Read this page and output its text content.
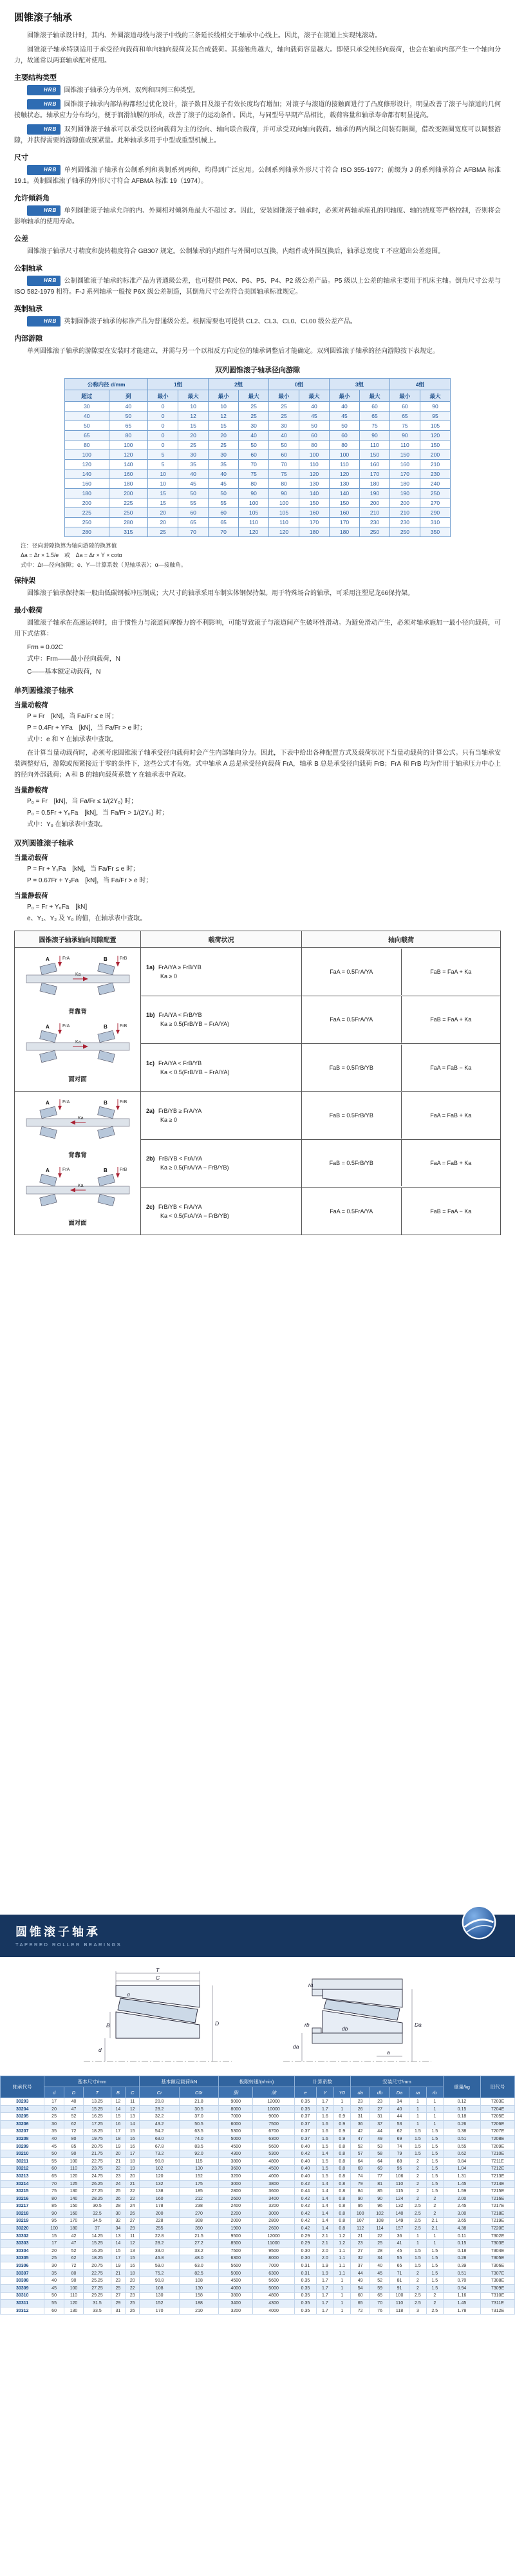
圆锥滚子轴承

圆锥滚子轴承设计时，其内、外圈滚道母线与滚子中线的三条延长线相交于轴承中心线上。因此，滚子在滚道上实现纯滚动。

圆锥滚子轴承特别适用于承受径向载荷和单向轴向载荷及其合成载荷。其接触角越大，轴向载荷容量越大。即使只承受纯径向载荷，也会在轴承内部产生一个轴向分力，故通常以两套轴承配对使用。

主要结构类型

HRB 圆锥滚子轴承分为单列、双列和四列三种类型。

HRB 圆锥滚子轴承内部结构都经过优化设计，滚子数目及滚子有效长度均有增加；对滚子与滚道的接触面进行了凸度修形设计，明显改善了滚子与滚道的几何接触状态。轴承应力分布均匀，便于润滑油膜的形成，改善了滚子的运动条件。因此，与同型号早期产品相比，载荷容量和轴承寿命都有明显提高。

HRB 双列圆锥滚子轴承可以承受以径向载荷为主的径向、轴向联合载荷，并可承受双向轴向载荷。轴承的两内圈之间装有隔圈，借改变隔圈宽度可以调整游隙，并获得需要的游隙值或预紧量。此种轴承多用于中型或重型机械上。

尺寸

HRB 单列圆锥滚子轴承有公制系列和英制系列两种，均得到广泛应用。公制系列轴承外形尺寸符合 ISO 355-1977；前缀为 J 的系列轴承符合 AFBMA 标准 19.1。英制圆锥滚子轴承的外形尺寸符合 AFBMA 标准 19（1974）。

允许倾斜角

HRB 单列圆锥滚子轴承允许的内、外圈相对倾斜角最大不超过 3′。因此，安装圆锥滚子轴承时，必须对两轴承座孔的同轴度、轴的挠度等严格控制，否则将会影响轴承的使用寿命。

公差

圆锥滚子轴承尺寸精度和旋转精度符合 GB307 规定。公制轴承的内组件与外圈可以互换，内组件或外圈互换后，轴承总宽度 T 不应超出公差范围。

公制轴承

HRB 公制圆锥滚子轴承的标准产品为普通级公差，也可提供 P6X、P6、P5、P4、P2 级公差产品。P5 级以上公差的轴承主要用于机床主轴。倒角尺寸公差与 ISO 582-1979 相符。F-J 系列轴承一般按 P6X 级公差制造，其倒角尺寸公差符合美国轴承标准规定。

英制轴承

HRB 英制圆锥滚子轴承的标准产品为普通级公差。根据需要也可提供 CL2、CL3、CL0、CL00 级公差产品。

内部游隙

单列圆锥滚子轴承的游隙要在安装时才能建立，并需与另一个以相反方向定位的轴承调整后才能确定。双列圆锥滚子轴承的径向游隙按下表规定。

双列圆锥滚子轴承径向游隙
公称内径 d/mm		1组		2组		0组		3组		4组	
超过	到	最小	最大	最小	最大	最小	最大	最小	最大	最小	最大
30	40	0	10	10	25	25	40	40	60	60	90
40	50	0	12	12	25	25	45	45	65	65	95
50	65	0	15	15	30	30	50	50	75	75	105
65	80	0	20	20	40	40	60	60	90	90	120
80	100	0	25	25	50	50	80	80	110	110	150
100	120	5	30	30	60	60	100	100	150	150	200
120	140	5	35	35	70	70	110	110	160	160	210
140	160	10	40	40	75	75	120	120	170	170	230
160	180	10	45	45	80	80	130	130	180	180	240
180	200	15	50	50	90	90	140	140	190	190	250
200	225	15	55	55	100	100	150	150	200	200	270
225	250	20	60	60	105	105	160	160	210	210	290
250	280	20	65	65	110	110	170	170	230	230	310
280	315	25	70	70	120	120	180	180	250	250	350
注：径向游隙换算为轴向游隙的换算值
Δa = Δr × 1.5/e　或　Δa = Δr × Y × cotα
式中：Δr—径向游隙；e、Y—计算系数（见轴承表）；α—接触角。
保持架

圆锥滚子轴承保持架一般由低碳钢板冲压制成；大尺寸的轴承采用车制实体钢保持架。用于特殊场合的轴承，可采用注塑尼龙66保持架。

最小载荷

圆锥滚子轴承在高速运转时，由于惯性力与滚道间摩擦力的不利影响，可能导致滚子与滚道间产生破坏性滑动。为避免滑动产生，必须对轴承施加一最小径向载荷，可用下式估算：

Frm = 0.02C
式中：Frm——最小径向载荷，N
C——基本额定动载荷，N
单列圆锥滚子轴承
当量动载荷
P = Fr　[kN]，当 Fa/Fr ≤ e 时；
P = 0.4Fr + YFa　[kN]，当 Fa/Fr > e 时；
式中：e 和 Y 在轴承表中查取。

在计算当量动载荷时，必须考虑圆锥滚子轴承受径向载荷时会产生内部轴向分力。因此，下表中给出各种配置方式及载荷状况下当量动载荷的计算公式。只有当轴承安装调整好后，游隙或预紧接近于零的条件下，这些公式才有效。式中轴承 A 总是承受径向载荷 FrA，轴承 B 总是承受径向载荷 FrB；FrA 和 FrB 均为作用于轴承压力中心上的径向外部载荷；A 和 B 的轴向载荷系数 Y 在轴承表中查取。

当量静载荷
P₀ = Fr　[kN]，当 Fa/Fr ≤ 1/(2Y₀) 时；
P₀ = 0.5Fr + Y₀Fa　[kN]，当 Fa/Fr > 1/(2Y₀) 时；
式中：Y₀ 在轴承表中查取。
双列圆锥滚子轴承
当量动载荷
P = Fr + Y₁Fa　[kN]，当 Fa/Fr ≤ e 时；
P = 0.67Fr + Y₂Fa　[kN]，当 Fa/Fr > e 时；
当量静载荷
P₀ = Fr + Y₀Fa　[kN]
e、Y₁、Y₂ 及 Y₀ 的值，在轴承表中查取。
圆锥滚子轴承轴向间隙配置	载荷状况	轴向载荷

A	B
FrA	FrB
Ka
背靠背
A	B
FrA	FrB
Ka
面对面

1a) FrA/YA ≥ FrB/YB
Ka ≥ 0

FaA = 0.5FrA/YA	FaB = FaA + Ka

1b) FrA/YA < FrB/YB
Ka ≥ 0.5(FrB/YB − FrA/YA)

FaA = 0.5FrA/YA	FaB = FaA + Ka

1c) FrA/YA < FrB/YB
Ka < 0.5(FrB/YB − FrA/YA)

FaB = 0.5FrB/YB	FaA = FaB − Ka

A	B
FrA	FrB
Ka
背靠背
A	B
FrA	FrB
Ka
面对面

2a) FrB/YB ≥ FrA/YA
Ka ≥ 0

FaB = 0.5FrB/YB	FaA = FaB + Ka

2b) FrB/YB < FrA/YA
Ka ≥ 0.5(FrA/YA − FrB/YB)

FaB = 0.5FrB/YB	FaA = FaB + Ka

2c) FrB/YB < FrA/YA
Ka < 0.5(FrA/YA − FrB/YB)

FaA = 0.5FrA/YA	FaB = FaA − Ka
圆锥滚子轴承
TAPERED ROLLER BEARINGS
T
C
B	D
d
α
Da
da
ra
rb
db
a
轴承代号	基本尺寸/mm					基本额定载荷/kN		极限转速/(r/min)		计算系数			安装尺寸/mm					重量/kg	旧代号
	d	D	T	B	C	Cr	C0r	脂	油	e	Y	Y0	da	db	Da	ra	rb		
30203	17	40	13.25	12	11	20.8	21.8	9000	12000	0.35	1.7	1	23	23	34	1	1	0.12	7203E
30204	20	47	15.25	14	12	28.2	30.5	8000	10000	0.35	1.7	1	26	27	40	1	1	0.15	7204E
30205	25	52	16.25	15	13	32.2	37.0	7000	9000	0.37	1.6	0.9	31	31	44	1	1	0.18	7205E
30206	30	62	17.25	16	14	43.2	50.5	6000	7500	0.37	1.6	0.9	36	37	53	1	1	0.26	7206E
30207	35	72	18.25	17	15	54.2	63.5	5300	6700	0.37	1.6	0.9	42	44	62	1.5	1.5	0.38	7207E
30208	40	80	19.75	18	16	63.0	74.0	5000	6300	0.37	1.6	0.9	47	49	69	1.5	1.5	0.51	7208E
30209	45	85	20.75	19	16	67.8	83.5	4500	5600	0.40	1.5	0.8	52	53	74	1.5	1.5	0.55	7209E
30210	50	90	21.75	20	17	73.2	92.0	4300	5300	0.42	1.4	0.8	57	58	79	1.5	1.5	0.62	7210E
30211	55	100	22.75	21	18	90.8	115	3800	4800	0.40	1.5	0.8	64	64	88	2	1.5	0.84	7211E
30212	60	110	23.75	22	19	102	130	3600	4500	0.40	1.5	0.8	69	69	96	2	1.5	1.04	7212E
30213	65	120	24.75	23	20	120	152	3200	4000	0.40	1.5	0.8	74	77	106	2	1.5	1.31	7213E
30214	70	125	26.25	24	21	132	175	3000	3800	0.42	1.4	0.8	79	81	110	2	1.5	1.45	7214E
30215	75	130	27.25	25	22	138	185	2800	3600	0.44	1.4	0.8	84	85	115	2	1.5	1.59	7215E
30216	80	140	28.25	26	22	160	212	2600	3400	0.42	1.4	0.8	90	90	124	2	2	2.00	7216E
30217	85	150	30.5	28	24	178	238	2400	3200	0.42	1.4	0.8	95	96	132	2.5	2	2.45	7217E
30218	90	160	32.5	30	26	200	270	2200	3000	0.42	1.4	0.8	100	102	140	2.5	2	3.00	7218E
30219	95	170	34.5	32	27	228	308	2000	2800	0.42	1.4	0.8	107	108	149	2.5	2.1	3.65	7219E
30220	100	180	37	34	29	255	350	1900	2600	0.42	1.4	0.8	112	114	157	2.5	2.1	4.38	7220E
30302	15	42	14.25	13	11	22.8	21.5	9500	12000	0.29	2.1	1.2	21	22	36	1	1	0.11	7302E
30303	17	47	15.25	14	12	28.2	27.2	8500	11000	0.29	2.1	1.2	23	25	41	1	1	0.15	7303E
30304	20	52	16.25	15	13	33.0	33.2	7500	9500	0.30	2.0	1.1	27	28	45	1.5	1.5	0.18	7304E
30305	25	62	18.25	17	15	46.8	48.0	6300	8000	0.30	2.0	1.1	32	34	55	1.5	1.5	0.28	7305E
30306	30	72	20.75	19	16	59.0	63.0	5600	7000	0.31	1.9	1.1	37	40	65	1.5	1.5	0.39	7306E
30307	35	80	22.75	21	18	75.2	82.5	5000	6300	0.31	1.9	1.1	44	45	71	2	1.5	0.51	7307E
30308	40	90	25.25	23	20	90.8	108	4500	5600	0.35	1.7	1	49	52	81	2	1.5	0.70	7308E
30309	45	100	27.25	25	22	108	130	4000	5000	0.35	1.7	1	54	59	91	2	1.5	0.94	7309E
30310	50	110	29.25	27	23	130	158	3800	4800	0.35	1.7	1	60	65	100	2.5	2	1.16	7310E
30311	55	120	31.5	29	25	152	188	3400	4300	0.35	1.7	1	65	70	110	2.5	2	1.45	7311E
30312	60	130	33.5	31	26	170	210	3200	4000	0.35	1.7	1	72	76	118	3	2.5	1.78	7312E
